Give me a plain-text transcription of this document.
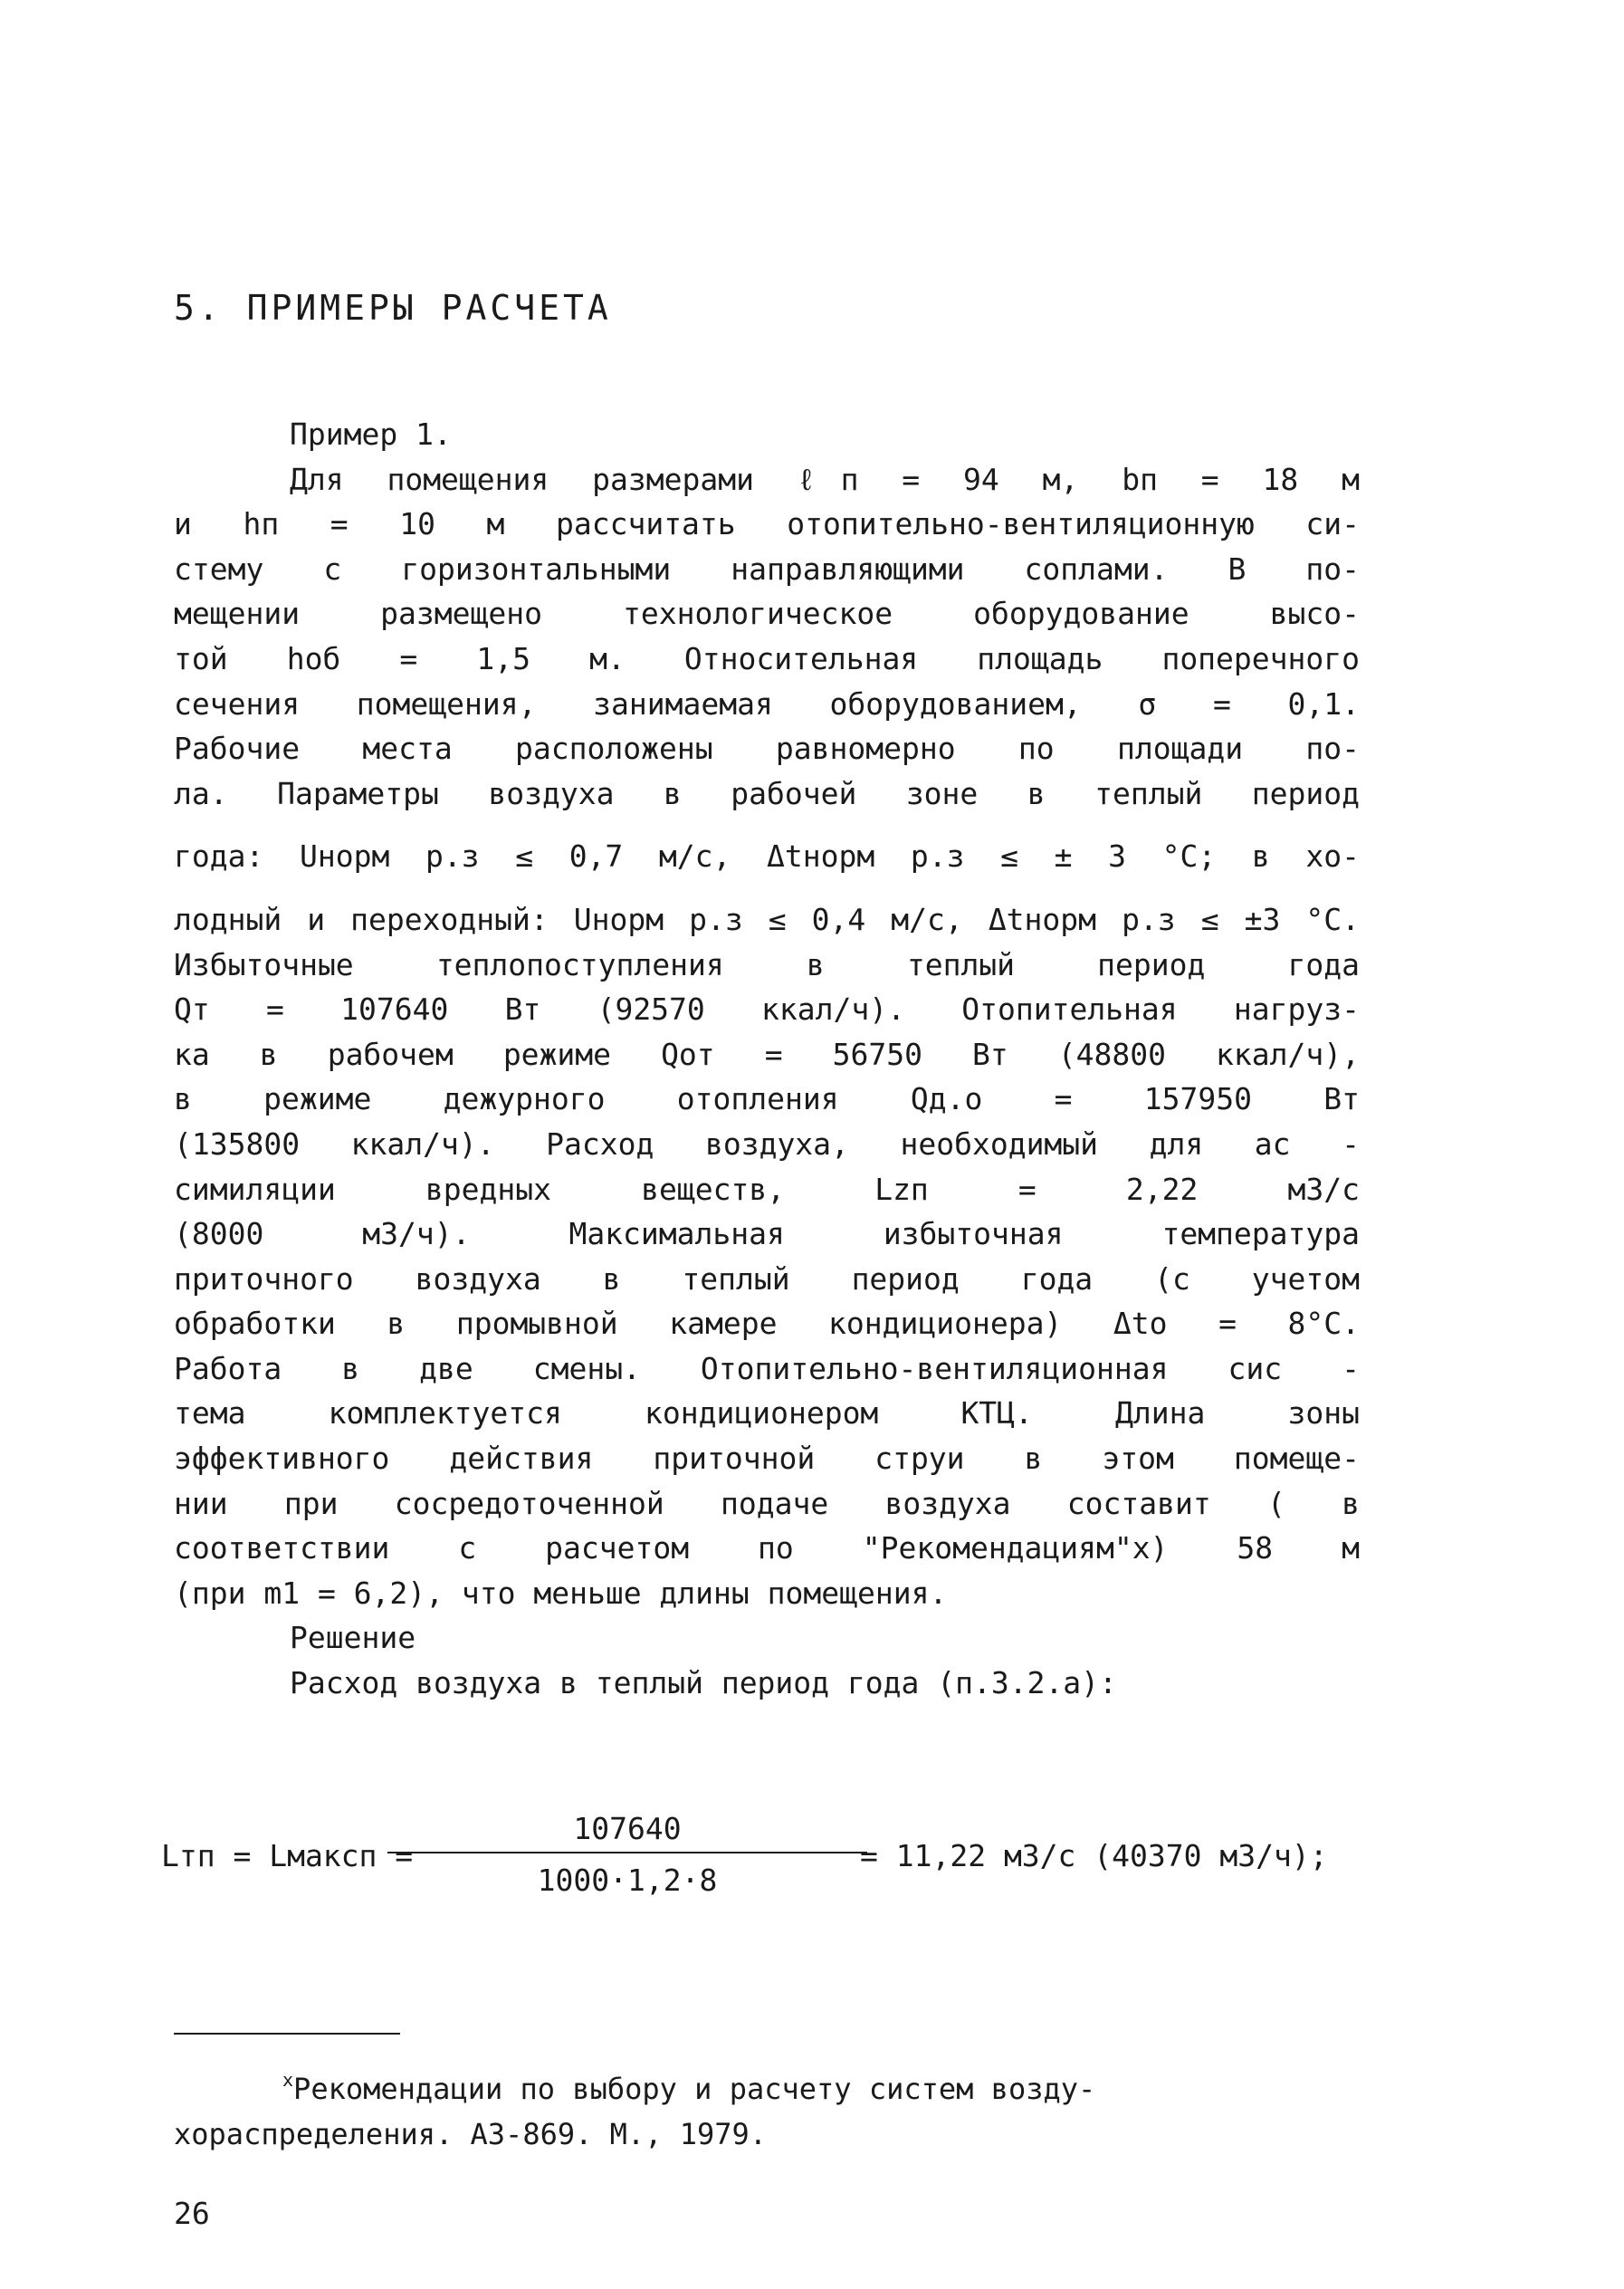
5. ПРИМЕРЫ РАСЧЕТА
Пример 1.
Для помещения размерами ℓп = 94 м, bп = 18 м
и hп = 10 м рассчитать отопительно-вентиляционную си-
стему с горизонтальными направляющими соплами. В по-
мещении размещено технологическое оборудование высо-
той hоб = 1,5 м. Относительная площадь поперечного
сечения помещения, занимаемая оборудованием, σ = 0,1.
Рабочие места расположены равномерно по площади по-
ла. Параметры воздуха в рабочей зоне в теплый период
года: Uнорм р.з ≤ 0,7 м/с, Δtнорм р.з ≤ ± 3 °C; в хо-
лодный и переходный: Uнорм р.з ≤ 0,4 м/с, Δtнорм р.з ≤ ±3 °C.
Избыточные теплопоступления в теплый период года
Qт = 107640 Вт (92570 ккал/ч). Отопительная нагруз-
ка в рабочем режиме Qот = 56750 Вт (48800 ккал/ч),
в режиме дежурного отопления Qд.о = 157950 Вт
(135800 ккал/ч). Расход воздуха, необходимый для ас -
симиляции вредных веществ, Lzп = 2,22 м3/с
(8000 м3/ч). Максимальная избыточная температура
приточного воздуха в теплый период года (с учетом
обработки в промывной камере кондиционера) Δto = 8°C.
Работа в две смены. Отопительно-вентиляционная сис -
тема комплектуется кондиционером КТЦ. Длина зоны
эффективного действия приточной струи в этом помеще-
нии при сосредоточенной подаче воздуха составит ( в
соответствии с расчетом по "Рекомендациям"x) 58 м
(при m1 = 6,2), что меньше длины помещения.
Решение
Расход воздуха в теплый период года (п.3.2.а):
Lтп = Lмаксп =
$\frac{107640}{1000\cdot 1,2\cdot 8}$
= 11,22 м3/с (40370 м3/ч);
$^x$Рекомендации по выбору и расчету систем возду-
хораспределения. А3-869. М., 1979.
26
